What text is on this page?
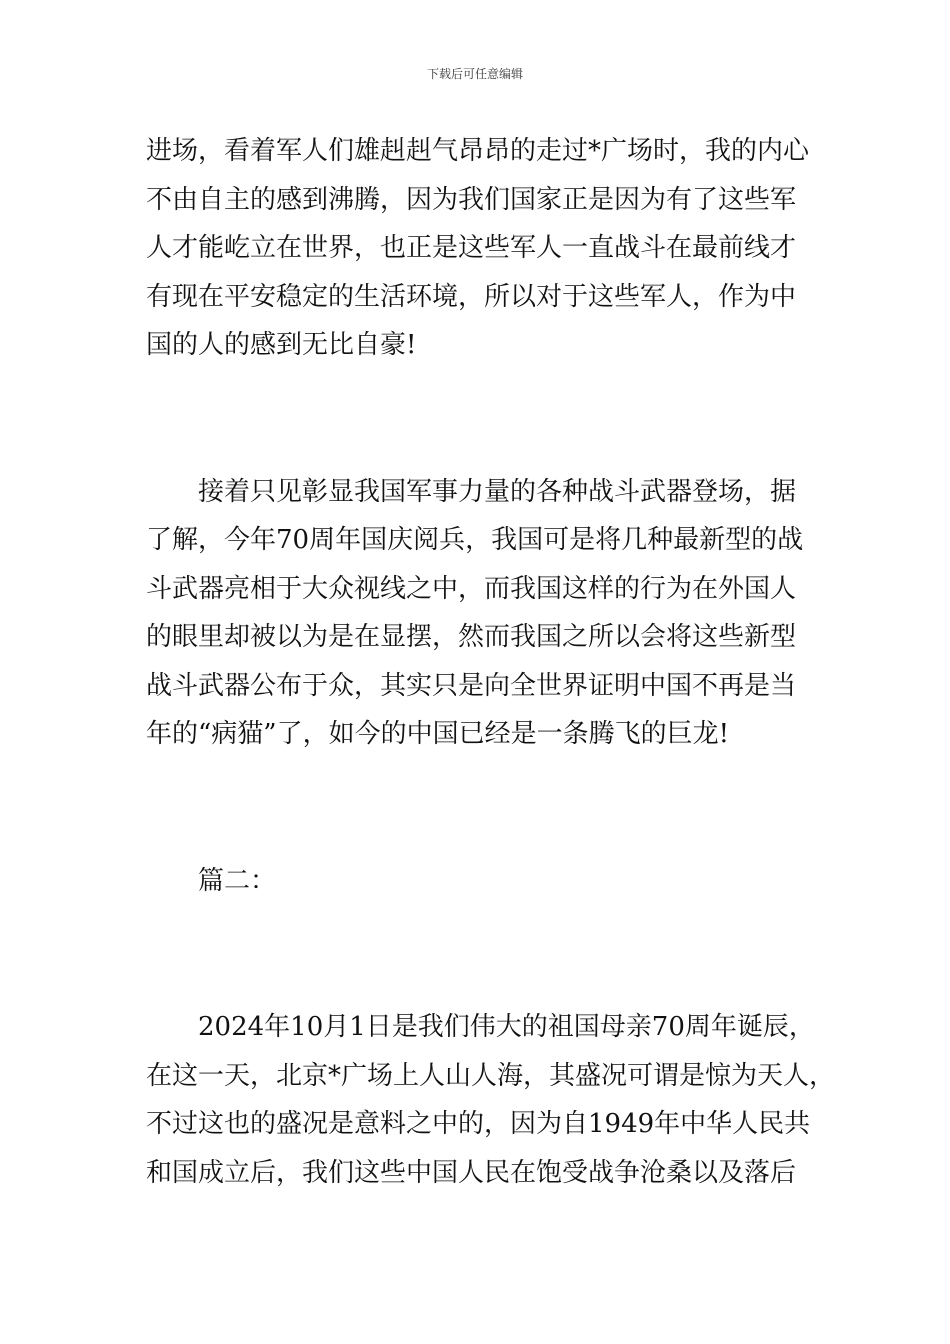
下载后可任意编辑
进场，看着军人们雄赳赳气昂昂的走过*广场时，我的内心
不由自主的感到沸腾，因为我们国家正是因为有了这些军
人才能屹立在世界，也正是这些军人一直战斗在最前线才
有现在平安稳定的生活环境，所以对于这些军人，作为中
国的人的感到无比自豪!
接着只见彰显我国军事力量的各种战斗武器登场，据
了解，今年70周年国庆阅兵，我国可是将几种最新型的战
斗武器亮相于大众视线之中，而我国这样的行为在外国人
的眼里却被以为是在显摆，然而我国之所以会将这些新型
战斗武器公布于众，其实只是向全世界证明中国不再是当
年的“病猫”了，如今的中国已经是一条腾飞的巨龙!
篇二：
2024年10月1日是我们伟大的祖国母亲70周年诞辰，
在这一天，北京*广场上人山人海，其盛况可谓是惊为天人，
不过这也的盛况是意料之中的，因为自1949年中华人民共
和国成立后，我们这些中国人民在饱受战争沧桑以及落后
